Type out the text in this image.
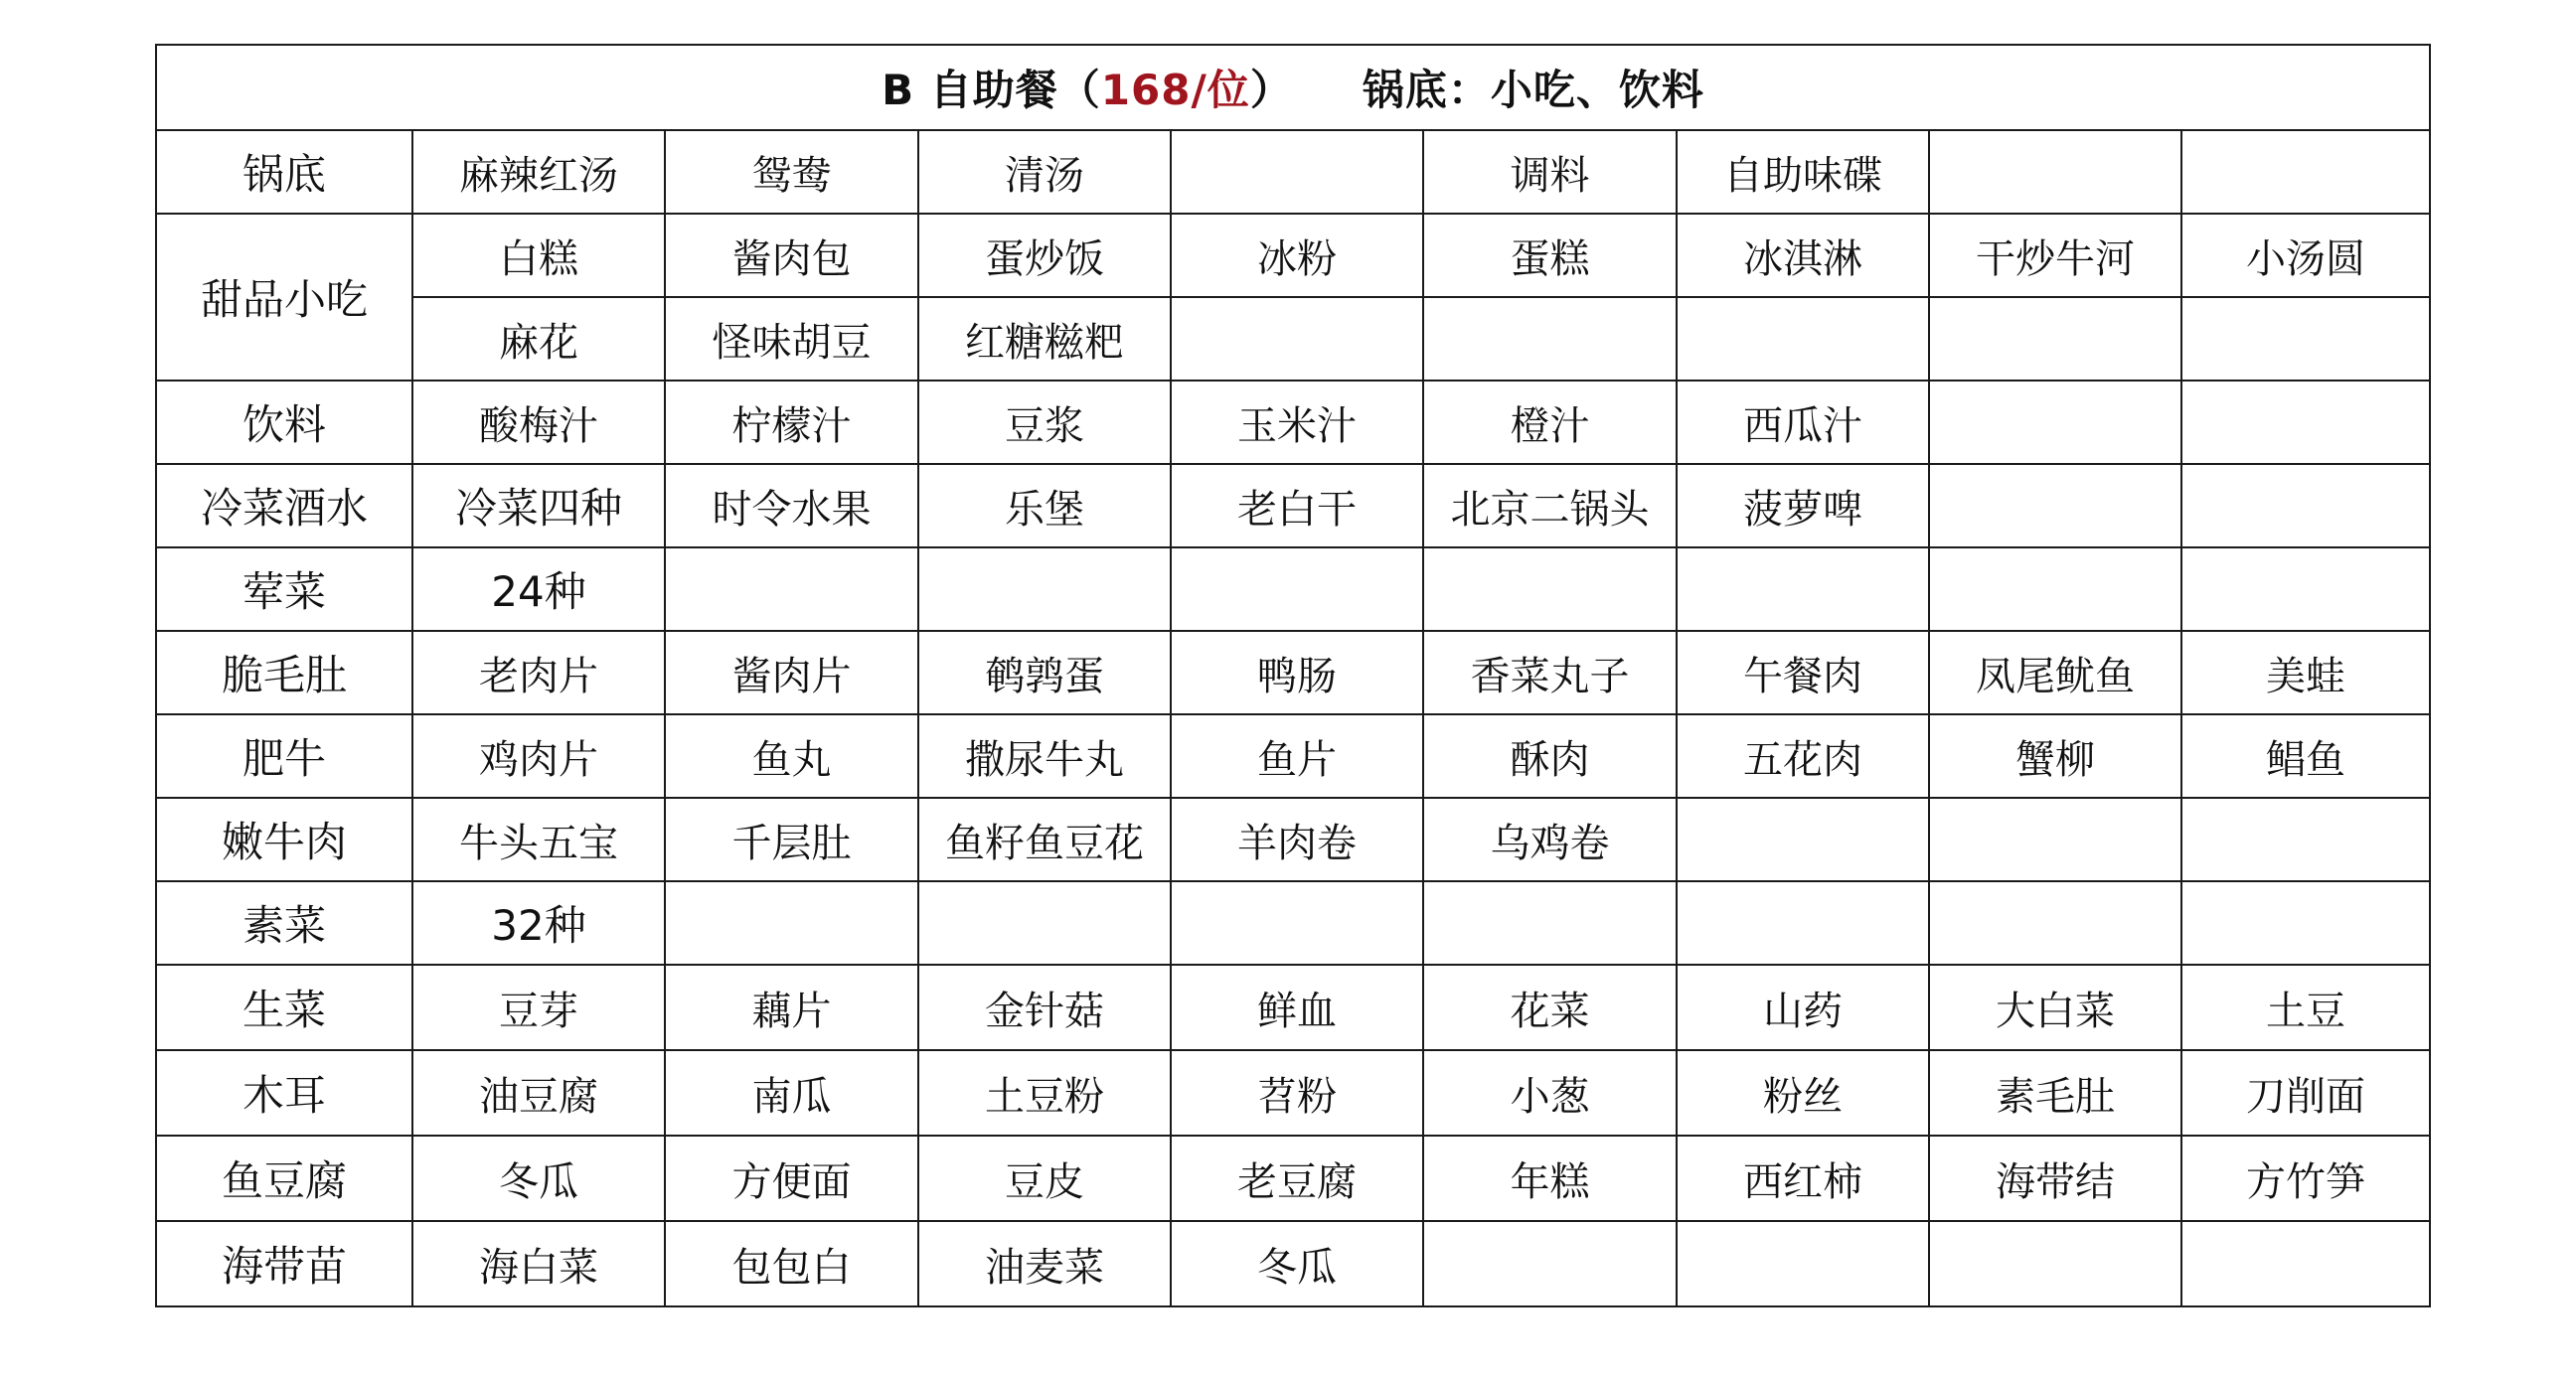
B 自助餐（168/位） 锅底：小吃、饮料								
锅底	麻辣红汤	鸳鸯	清汤		调料	自助味碟		
甜品小吃	白糕	酱肉包	蛋炒饭	冰粉	蛋糕	冰淇淋	干炒牛河	小汤圆
	麻花	怪味胡豆	红糖糍粑					
饮料	酸梅汁	柠檬汁	豆浆	玉米汁	橙汁	西瓜汁		
冷菜酒水	冷菜四种	时令水果	乐堡	老白干	北京二锅头	菠萝啤		
荤菜	24种							
脆毛肚	老肉片	酱肉片	鹌鹑蛋	鸭肠	香菜丸子	午餐肉	凤尾鱿鱼	美蛙
肥牛	鸡肉片	鱼丸	撒尿牛丸	鱼片	酥肉	五花肉	蟹柳	鲳鱼
嫩牛肉	牛头五宝	千层肚	鱼籽鱼豆花	羊肉卷	乌鸡卷			
素菜	32种							
生菜	豆芽	藕片	金针菇	鲜血	花菜	山药	大白菜	土豆
木耳	油豆腐	南瓜	土豆粉	苕粉	小葱	粉丝	素毛肚	刀削面
鱼豆腐	冬瓜	方便面	豆皮	老豆腐	年糕	西红柿	海带结	方竹笋
海带苗	海白菜	包包白	油麦菜	冬瓜				
